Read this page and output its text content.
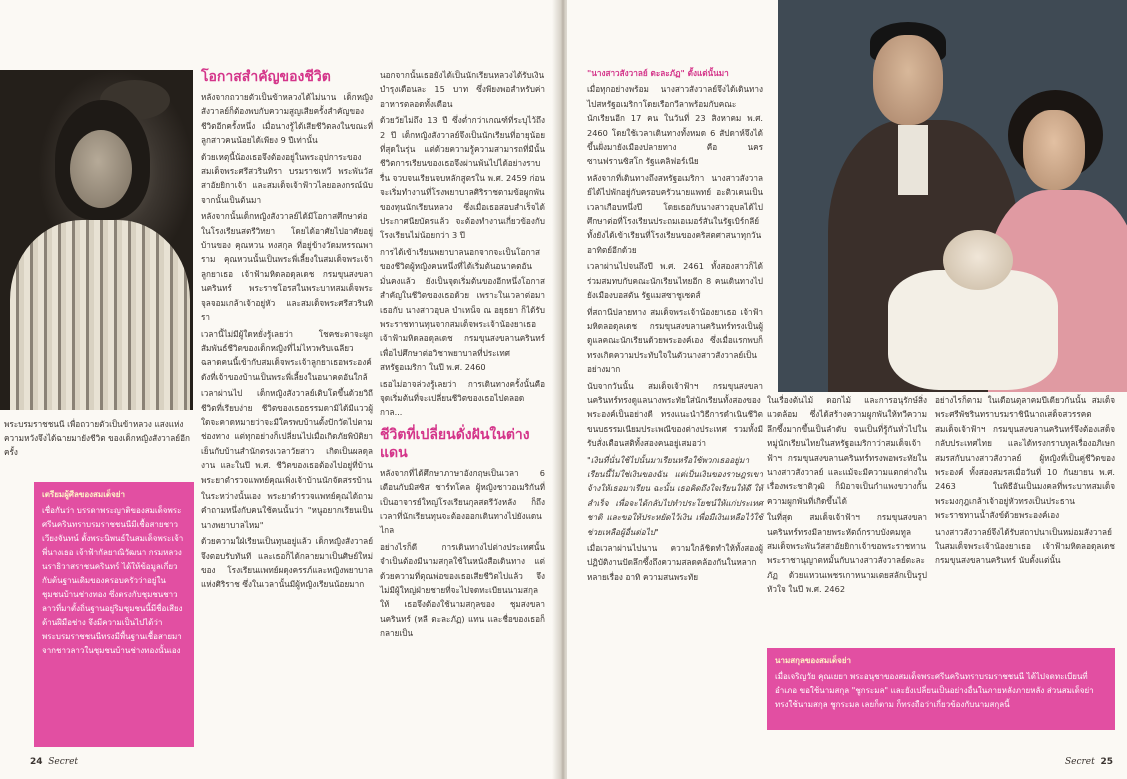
พระบรมราชชนนี เพื่อถวายตัวเป็นข้าหลวง แสงแห่งความหวังจึงได้ฉายมายังชีวิต ของเด็กหญิงสังวาลย์อีกครั้ง
เตรียมผู้ศีลของสมเด็จย่า
เชื่อกันว่า บรรดาพระญาติของสมเด็จพระศรีนครินทราบรมราชชนนีมีเชื้อสายชาวเวียงจันทน์ ตั้งพระนิพนธ์ในสมเด็จพระเจ้าพี่นางเธอ เจ้าฟ้ากัลยาณิวัฒนา กรมหลวงนราธิวาสราชนครินทร์ ได้ให้ข้อมูลเกี่ยวกับต้นฐานเดิมของครอบครัวว่าอยู่ในชุมชนบ้านช่างทอง ซึ่งตรงกับชุมชนชาวลาวที่มาตั้งถิ่นฐานอยู่ริมชุมชนนี้มีชื่อเสียงด้านฝีมือช่าง จึงมีความเป็นไปได้ว่า พระบรมราชชนนีทรงมีพื้นฐานเชื้อสายมาจากชาวลาวในชุมชนบ้านช่างทองนั้นเอง
โอกาสสำคัญของชีวิต

หลังจากถวายตัวเป็นข้าหลวงได้ไม่นาน เด็กหญิงสังวาลย์ก็ต้องพบกับความสูญเสียครั้งสำคัญของชีวิตอีกครั้งหนึ่ง เมื่อนางรู้ได้เสียชีวิตลงในขณะที่ลูกสาวคนน้อยได้เพียง 9 ปีเท่านั้น

ด้วยเหตุนี้น้องเธอจึงต้องอยู่ในพระอุปการะของสมเด็จพระศรีสวรินทิรา บรมราชเทวี พระพันวัสสาอัยยิกาเจ้า และสมเด็จเจ้าฟ้าวไลยอลงกรณ์นับจากนั้นเป็นต้นมา

หลังจากนั้นเด็กหญิงสังวาลย์ได้มีโอกาสศึกษาต่อในโรงเรียนสตรีวิทยา โดยได้อาศัยไปอาศัยอยู่บ้านของ คุณหวน หงสกุล ที่อยู่ข้างวัดมหรรณพาราม คุณหวนนั้นเป็นพระพี่เลี้ยงในสมเด็จพระเจ้าลูกยาเธอ เจ้าฟ้ามหิดลอดุลเดช กรมขุนสงขลานครินทร์ พระราชโอรสในพระบาทสมเด็จพระจุลจอมเกล้าเจ้าอยู่หัว และสมเด็จพระศรีสวรินทิรา

เวลานี้ไม่มีผู้ใดหยั่งรู้เลยว่า โชคชะตาจะผูกสัมพันธ์ชีวิตของเด็กหญิงที่ไม่ไหวพริบเฉลียวฉลาดคนนี้เข้ากับสมเด็จพระเจ้าลูกยาเธอพระองค์ดังที่เจ้าของบ้านเป็นพระพี่เลี้ยงในอนาคตอันใกล้

เวลาผ่านไป เด็กหญิงสังวาลย์เติบโตขึ้นด้วยวิถีชีวิตที่เรียบง่าย ชีวิตของเธอธรรมดามิได้มีแววผู้ใดจะคาดหมายว่าจะมีใครพบบ้านตั้งปักวัดไปตามช่องทาง แต่ทุกอย่างก็เปลี่ยนไปเมื่อเกิดภัยพิบัติยาเย็นกับบ้านสำนักตรงเวลาวัยสาว เกิดเป็นผลดุลงาน และในปี พ.ศ. ชีวิตของเธอต้องไปอยู่ที่บ้านพระยาตำรวจแพทย์คุณเพิ่งเจ้าบ้านนักจัดสรรบ้าน

ในระหว่างนั้นเอง พระยาตำรวจแพทย์คุณได้ถามคำถามหนึ่งกับคนใช้คนนั้นว่า "หนูอยากเรียนเป็นนางพยาบาลไหม"

ด้วยความใฝ่เรียนเป็นทุนอยู่แล้ว เด็กหญิงสังวาลย์จึงตอบรับทันที และเธอก็ได้กลายมาเป็นศิษย์ใหม่ของ โรงเรียนแพทย์ผดุงครรภ์และหญิงพยาบาลแห่งศิริราช ซึ่งในเวลานั้นมีผู้หญิงเรียนน้อยมาก

นอกจากนั้นเธอยังได้เป็นนักเรียนหลวงได้รับเงินบำรุงเดือนละ 15 บาท ซึ่งพียงพอสำหรับค่าอาหารตลอดทั้งเดือน

ด้วยวัยไม่ถึง 13 ปี ซึ่งต่ำกว่าเกณฑ์ที่ระบุไว้ถึง 2 ปี เด็กหญิงสังวาลย์จึงเป็นนักเรียนที่อายุน้อยที่สุดในรุ่น แต่ด้วยความรู้ความสามารถที่มีนั้น ชีวิตการเรียนของเธอจึงผ่านพ้นไปได้อย่างราบรื่น จวบจนเรียนจบหลักสูตรใน พ.ศ. 2459 ก่อนจะเริ่มทำงานที่โรงพยาบาลศิริราชตามข้อผูกพันของทุนนักเรียนหลวง ซึ่งเมื่อเธอสอบสำเร็จได้ประกาศนียบัตรแล้ว จะต้องทำงานเกี่ยวข้องกับโรงเรียนไม่น้อยกว่า 3 ปี

การได้เข้าเรียนพยาบาลนอกจากจะเป็นโอกาสของชีวิตผู้หญิงคนหนึ่งที่ได้เริ่มต้นอนาคตอันมั่นคงแล้ว ยังเป็นจุดเริ่มต้นของอีกหนึ่งโอกาสสำคัญในชีวิตของเธอด้วย เพราะในเวลาต่อมา เธอกับ นางสาวอุบล บำเหน็จ ณ อยุธยา ก็ได้รับพระราชทานทุนจากสมเด็จพระเจ้าน้องยาเธอ เจ้าฟ้ามหิดลอดุลเดช กรมขุนสงขลานครินทร์ เพื่อไปศึกษาต่อวิชาพยาบาลที่ประเทศสหรัฐอเมริกา ในปี พ.ศ. 2460

เธอไม่อาจล่วงรู้เลยว่า การเดินทางครั้งนั้นคือจุดเริ่มต้นที่จะเปลี่ยนชีวิตของเธอไปตลอดกาล...

ชีวิตที่เปลี่ยนดั่งฝันในต่างแดน

หลังจากที่ได้ศึกษาภาษาอังกฤษเป็นเวลา 6 เดือนกับมิสซิส ชาร์ทโคล ผู้หญิงชาวอเมริกันที่เป็นอาจารย์ใหญ่โรงเรียนกุลสตรีวังหลัง ก็ถึงเวลาที่นักเรียนทุนจะต้องออกเดินทางไปยังแดนไกล

อย่างไรก็ดี การเดินทางไปต่างประเทศนั้นจำเป็นต้องมีนามสกุลใช้ในหนังสือเดินทาง แต่ด้วยความที่ตุณพ่อของเธอเสียชีวิตไปแล้ว จึงไม่มีผู้ใหญ่ฝ่ายชายที่จะไปจดทะเบียนนามสกุลให้ เธอจึงต้องใช้นามสกุลของ ชุมสงขลานครินทร์ (หลี ตะละภัฏ) แทน และชื่อของเธอก็กลายเป็น

24 Secret

"นางสาวสังวาลย์ ตะละภัฏ" ตั้งแต่นั้นมา

เมื่อทุกอย่างพร้อม นางสาวสังวาลย์จึงได้เดินทางไปสหรัฐอเมริกาโดยเรือกวีลาพร้อมกับคณะนักเรียนอีก 17 คน ในวันที่ 23 สิงหาคม พ.ศ. 2460 โดยใช้เวลาเดินทางทั้งหมด 6 สัปดาห์จึงได้ขึ้นฝั่งมายังเมืองปลายทาง คือ นครซานฟรานซิสโก รัฐแคลิฟอร์เนีย

หลังจากที่เดินทางถึงสหรัฐอเมริกา นางสาวสังวาลย์ได้ไปพักอยู่กับครอบครัวนายแพทย์ อะติวเคนเป็นเวลาเกือบหนึ่งปี โดยเธอกับนางสาวอุบลได้ไปศึกษาต่อที่โรงเรียนประถมเอเมอร์สันในรัฐเบิร์กลีย์ ทั้งยังได้เข้าเรียนที่โรงเรียนของคริสตศาสนาทุกวันอาทิตย์อีกด้วย

เวลาผ่านไปจนถึงปี พ.ศ. 2461 ทั้งสองสาวก็ได้ร่วมสมทบกับคณะนักเรียนไทยอีก 8 คนเดินทางไปยังเมืองบอสตัน รัฐแมสซาชูเซตส์

ที่สถานีปลายทาง สมเด็จพระเจ้าน้องยาเธอ เจ้าฟ้ามหิดลอดุลเดช กรมขุนสงขลานครินทร์ทรงเป็นผู้ดูแลคณะนักเรียนด้วยพระองค์เอง ซึ่งเมื่อแรกพบก็ทรงเกิดความประทับใจในตัวนางสาวสังวาลย์เป็นอย่างมาก

นับจากวันนั้น สมเด็จเจ้าฟ้าฯ กรมขุนสงขลานครินทร์ทรงดูแลนางพระทัยใส่นักเรียนทั้งสองของพระองค์เป็นอย่างดี ทรงแนะนำวิธีการดำเนินชีวิต ขนบธรรมเนียมประเพณีของต่างประเทศ รวมทั้งมีรับสั่งเตือนสติทั้งสองคนอยู่เสมอว่า

"เงินที่นั่นใช้ไปนั้นมาเรียนหรือใช้พวกเธออยู่มาเรียนนี้ไม่ใช่เงินของฉัน แต่เป็นเงินของราษฎรเขาจ้างให้เธอมาเรียน ฉะนั้น เธอคิดถึงใจเรียนให้ดี ให้สำเร็จ เพื่อจะได้กลับไปทำประโยชน์ให้แก่ประเทศชาติ และขอให้ประหยัดไว้เงิน เพื่อมีเงินเหลือไว้ใช้ช่วยเหลือผู้อื่นต่อไป"

เมื่อเวลาผ่านไปนาน ความใกล้ชิดทำให้ทั้งสองผู้ปฏิบัติงานปัดลึกซึ้งถึงความสลดคล้องกันในหลากหลายเรื่อง อาทิ ความสนพระทัย

ในเรื่องต้นไม้ ดอกไม้ และการอนุรักษ์สิ่งแวดล้อม ซึ่งได้สร้างความผูกพันให้ทวีความลึกซึ้งมากขึ้นเป็นลำดับ จนเป็นที่รู้กันทั่วไปในหมู่นักเรียนไทยในสหรัฐอเมริกาว่าสมเด็จเจ้าฟ้าฯ กรมขุนสงขลานครินทร์ทรงพอพระทัยในนางสาวสังวาลย์ และแม้จะมีความแตกต่างในเรื่องพระชาติวุฒิ ก็มิอาจเป็นกำแพงขวางกั้นความผูกพันที่เกิดขึ้นได้

ในที่สุด สมเด็จเจ้าฟ้าฯ กรมขุนสงขลานครินทร์ทรงมีลายพระหัตถ์กราบบังคมทูลสมเด็จพระพันวัสสาอัยยิกาเจ้าขอพระราชทานพระราชานุญาตหมั้นกับนางสาวสังวาลย์ตะละภัฏ ด้วยแหวนเพชรเกาหนามเตยสลักเป็นรูปหัวใจ ในปี พ.ศ. 2462

อย่างไรก็ตาม ในเดือนตุลาคมปีเดียวกันนั้น สมเด็จพระศรีพัชรินทราบรมราชินีนาถเสด็จสวรรคต สมเด็จเจ้าฟ้าฯ กรมขุนสงขลานครินทร์จึงต้องเสด็จกลับประเทศไทย และได้ทรงกราบทูลเรื่องอภิเษกสมรสกับนางสาวสังวาลย์ ผู้หญิงที่เป็นคู่ชีวิตของพระองค์ ทั้งสองสมรสเมื่อวันที่ 10 กันยายน พ.ศ. 2463 ในพิธีอันเป็นมงคลที่พระบาทสมเด็จพระมงกุฎเกล้าเจ้าอยู่หัวทรงเป็นประธานพระราชทานน้ำสังข์ด้วยพระองค์เอง

นางสาวสังวาลย์จึงได้รับสถาปนาเป็นหม่อมสังวาลย์ ในสมเด็จพระเจ้าน้องยาเธอ เจ้าฟ้ามหิดลอดุลเดช กรมขุนสงขลานครินทร์ นับตั้งแต่นั้น

นามสกุลของสมเด็จย่า
เมื่อเจริญวัย คุณเยยา พระอนุชาของสมเด็จพระศรีนครินทราบรมราชชนนี ได้ไปจดทะเบียนที่อำเภอ ขอใช้นามสกุล "ชูกระมล" และยังเปลี่ยนเป็นอย่างอื่นในภายหลังภายหลัง ส่วนสมเด็จย่าทรงใช้นามสกุล ชูกระมล เลยก็ตาม ก็ทรงถือว่าเกี่ยวข้องกับนามสกุลนี้
Secret 25
